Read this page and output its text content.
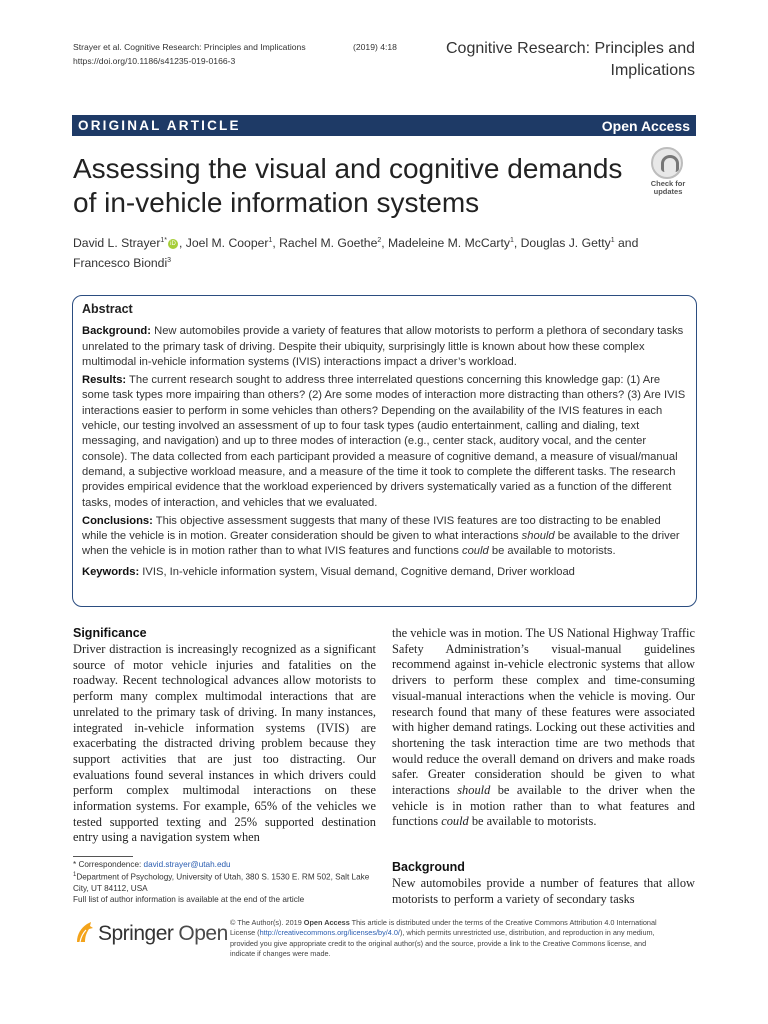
Strayer et al. Cognitive Research: Principles and Implications	(2019) 4:18
https://doi.org/10.1186/s41235-019-0166-3
Cognitive Research: Principles and Implications
ORIGINAL ARTICLE	Open Access
Assessing the visual and cognitive demands of in-vehicle information systems
Check for
updates
David L. Strayer$^{1*}$ iD , Joel M. Cooper$^1$, Rachel M. Goethe$^2$, Madeleine M. McCarty$^1$, Douglas J. Getty$^1$ and Francesco Biondi$^3$
Abstract

Background: New automobiles provide a variety of features that allow motorists to perform a plethora of secondary tasks unrelated to the primary task of driving. Despite their ubiquity, surprisingly little is known about how these complex multimodal in-vehicle information systems (IVIS) interactions impact a driver’s workload.

Results: The current research sought to address three interrelated questions concerning this knowledge gap: (1) Are some task types more impairing than others? (2) Are some modes of interaction more distracting than others? (3) Are IVIS interactions easier to perform in some vehicles than others? Depending on the availability of the IVIS features in each vehicle, our testing involved an assessment of up to four task types (audio entertainment, calling and dialing, text messaging, and navigation) and up to three modes of interaction (e.g., center stack, auditory vocal, and the center console). The data collected from each participant provided a measure of cognitive demand, a measure of visual/manual demand, a subjective workload measure, and a measure of the time it took to complete the different tasks. The research provides empirical evidence that the workload experienced by drivers systematically varied as a function of the different tasks, modes of interaction, and vehicles that we evaluated.

Conclusions: This objective assessment suggests that many of these IVIS features are too distracting to be enabled while the vehicle is in motion. Greater consideration should be given to what interactions should be available to the driver when the vehicle is in motion rather than to what IVIS features and functions could be available to motorists.

Keywords: IVIS, In-vehicle information system, Visual demand, Cognitive demand, Driver workload

Significance

Driver distraction is increasingly recognized as a significant source of motor vehicle injuries and fatalities on the roadway. Recent technological advances allow motorists to perform many complex multimodal interactions that are unrelated to the primary task of driving. In many instances, integrated in-vehicle information systems (IVIS) are exacerbating the distracted driving problem because they support activities that are just too distracting. Our evaluations found several instances in which drivers could perform complex multimodal interactions on these information systems. For example, 65% of the vehicles we tested supported texting and 25% supported destination entry using a navigation system when

the vehicle was in motion. The US National Highway Traffic Safety Administration’s visual-manual guidelines recommend against in-vehicle electronic systems that allow drivers to perform these complex and time-consuming visual-manual interactions when the vehicle is moving. Our research found that many of these features were associated with higher demand ratings. Locking out these activities and shortening the task interaction time are two methods that would reduce the overall demand on drivers and make roads safer. Greater consideration should be given to what interactions should be available to the driver when the vehicle is in motion rather than to what features and functions could be available to motorists.

* Correspondence: david.strayer@utah.edu
$^1$Department of Psychology, University of Utah, 380 S. 1530 E. RM 502, Salt Lake City, UT 84112, USA
Full list of author information is available at the end of the article
Background

New automobiles provide a number of features that allow motorists to perform a variety of secondary tasks

Springer Open © The Author(s). 2019 Open Access This article is distributed under the terms of the Creative Commons Attribution 4.0 International License (http://creativecommons.org/licenses/by/4.0/), which permits unrestricted use, distribution, and reproduction in any medium, provided you give appropriate credit to the original author(s) and the source, provide a link to the Creative Commons license, and indicate if changes were made.
